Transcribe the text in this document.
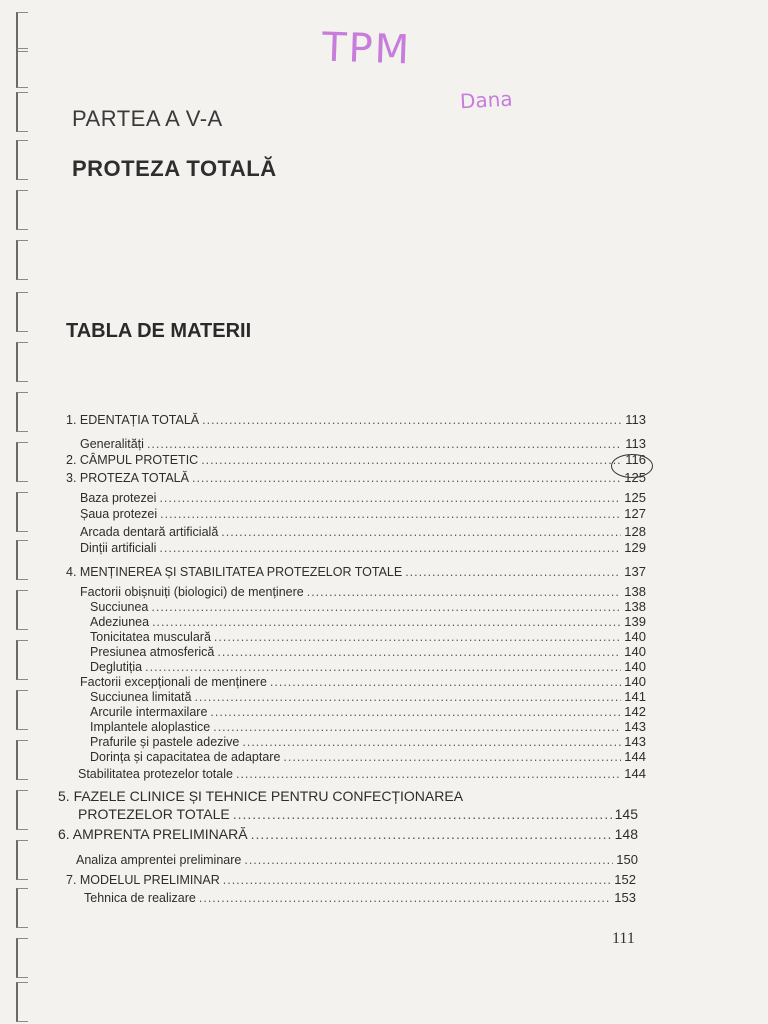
TPM
Dana
PARTEA A V-A
PROTEZA TOTALĂ
TABLA DE MATERII
1. EDENTAȚIA TOTALĂ .....	113
Generalități .....	113
2. CÂMPUL PROTETIC .....	116
3. PROTEZA TOTALĂ .....	125
Baza protezei .....	125
Șaua protezei .....	127
Arcada dentară artificială .....	128
Dinții artificiali .....	129
4. MENȚINEREA ȘI STABILITATEA PROTEZELOR TOTALE .....	137
Factorii obișnuiți (biologici) de menținere .....	138
Succiunea .....	138
Adeziunea .....	139
Tonicitatea musculară .....	140
Presiunea atmosferică .....	140
Deglutiția .....	140
Factorii excepționali de menținere .....	140
Succiunea limitată .....	141
Arcurile intermaxilare .....	142
Implantele aloplastice .....	143
Prafurile și pastele adezive .....	143
Dorința și capacitatea de adaptare .....	144
Stabilitatea protezelor totale .....	144
5. FAZELE CLINICE ȘI TEHNICE PENTRU CONFECȚIONAREA
PROTEZELOR TOTALE .....	145
6. AMPRENTA PRELIMINARĂ .....	148
Analiza amprentei preliminare .....	150
7. MODELUL PRELIMINAR .....	152
Tehnica de realizare .....	153
111
